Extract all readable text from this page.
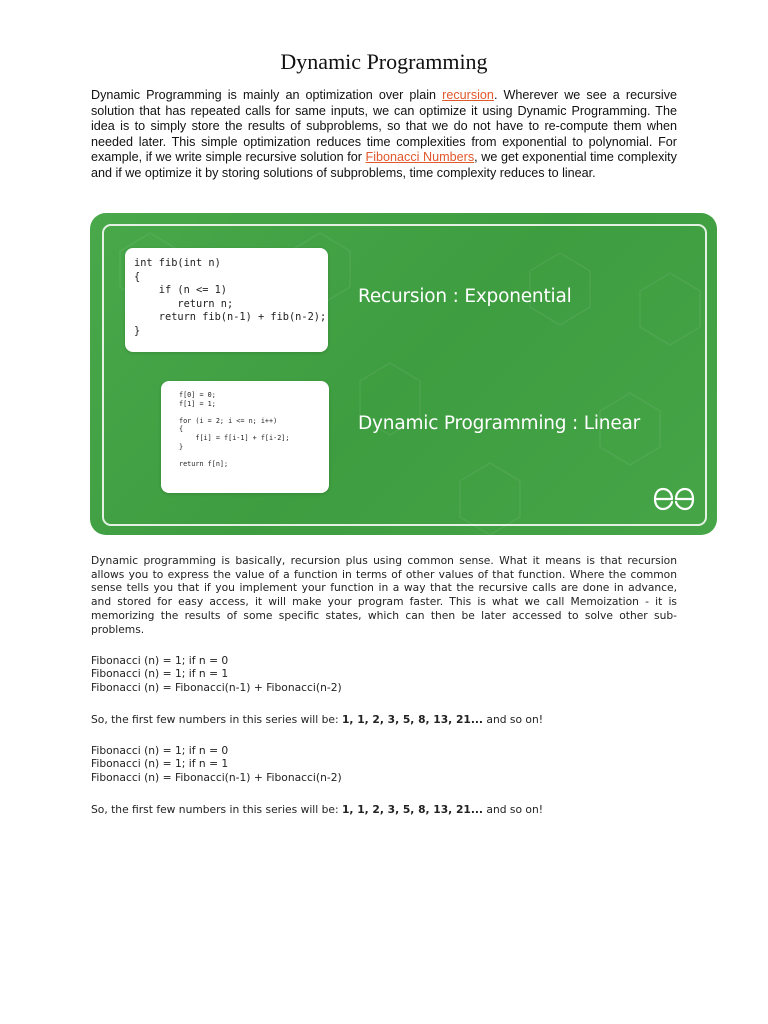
Dynamic Programming
Dynamic Programming is mainly an optimization over plain recursion. Wherever we see a recursive solution that has repeated calls for same inputs, we can optimize it using Dynamic Programming. The idea is to simply store the results of subproblems, so that we do not have to re-compute them when needed later. This simple optimization reduces time complexities from exponential to polynomial. For example, if we write simple recursive solution for Fibonacci Numbers, we get exponential time complexity and if we optimize it by storing solutions of subproblems, time complexity reduces to linear.
int fib(int n)
{
if (n <= 1)
return n;
return fib(n-1) + fib(n-2);
}
f[0] = 0;
f[1] = 1;

for (i = 2; i <= n; i++)
{
f[i] = f[i-1] + f[i-2];
}

return f[n];
Recursion : Exponential
Dynamic Programming : Linear
Dynamic programming is basically, recursion plus using common sense. What it means is that recursion allows you to express the value of a function in terms of other values of that function. Where the common sense tells you that if you implement your function in a way that the recursive calls are done in advance, and stored for easy access, it will make your program faster. This is what we call Memoization - it is memorizing the results of some specific states, which can then be later accessed to solve other sub-problems.
Fibonacci (n) = 1; if n = 0
Fibonacci (n) = 1; if n = 1
Fibonacci (n) = Fibonacci(n-1) + Fibonacci(n-2)
So, the first few numbers in this series will be: 1, 1, 2, 3, 5, 8, 13, 21... and so on!
Fibonacci (n) = 1; if n = 0
Fibonacci (n) = 1; if n = 1
Fibonacci (n) = Fibonacci(n-1) + Fibonacci(n-2)
So, the first few numbers in this series will be: 1, 1, 2, 3, 5, 8, 13, 21... and so on!
